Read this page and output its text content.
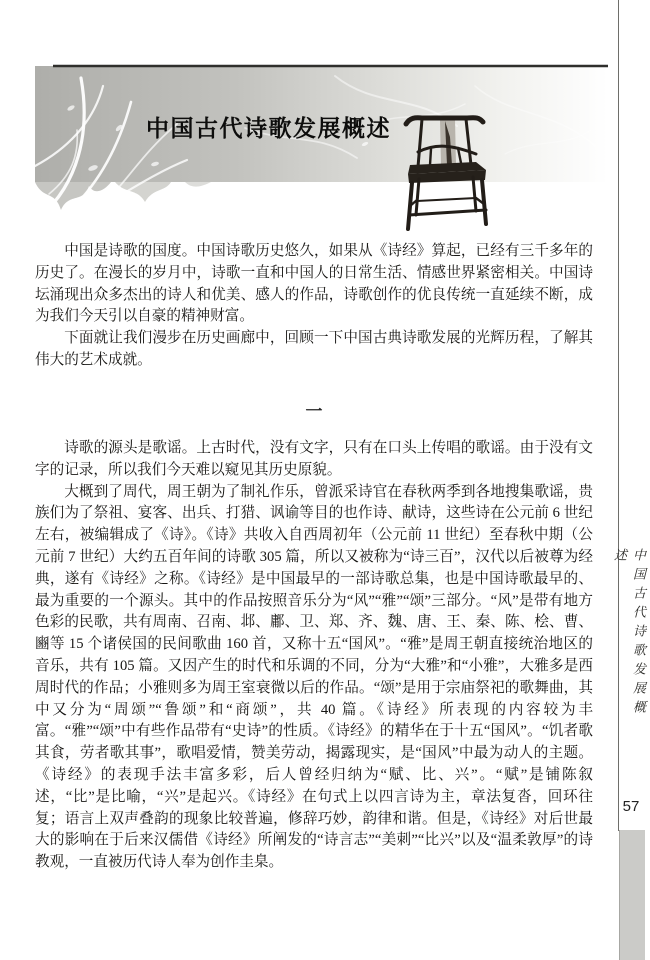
中国古代诗歌发展概述

中国是诗歌的国度。中国诗歌历史悠久，如果从《诗经》算起，已经有三千多年的历史了。在漫长的岁月中，诗歌一直和中国人的日常生活、情感世界紧密相关。中国诗坛涌现出众多杰出的诗人和优美、感人的作品，诗歌创作的优良传统一直延续不断，成为我们今天引以自豪的精神财富。

下面就让我们漫步在历史画廊中，回顾一下中国古典诗歌发展的光辉历程，了解其伟大的艺术成就。

一

诗歌的源头是歌谣。上古时代，没有文字，只有在口头上传唱的歌谣。由于没有文字的记录，所以我们今天难以窥见其历史原貌。

大概到了周代，周王朝为了制礼作乐，曾派采诗官在春秋两季到各地搜集歌谣，贵族们为了祭祖、宴客、出兵、打猎、讽谕等目的也作诗、献诗，这些诗在公元前 6 世纪左右，被编辑成了《诗》。《诗》共收入自西周初年（公元前 11 世纪）至春秋中期（公元前 7 世纪）大约五百年间的诗歌 305 篇，所以又被称为“诗三百”，汉代以后被尊为经典，遂有《诗经》之称。《诗经》是中国最早的一部诗歌总集，也是中国诗歌最早的、最为重要的一个源头。其中的作品按照音乐分为“风”“雅”“颂”三部分。“风”是带有地方色彩的民歌，共有周南、召南、邶、鄘、卫、郑、齐、魏、唐、王、秦、陈、桧、曹、豳等 15 个诸侯国的民间歌曲 160 首，又称十五“国风”。“雅”是周王朝直接统治地区的音乐，共有 105 篇。又因产生的时代和乐调的不同，分为“大雅”和“小雅”，大雅多是西周时代的作品；小雅则多为周王室衰微以后的作品。“颂”是用于宗庙祭祀的歌舞曲，其中又分为“周颂”“鲁颂”和“商颂”，共 40 篇。《诗经》所表现的内容较为丰富。“雅”“颂”中有些作品带有“史诗”的性质。《诗经》的精华在于十五“国风”。“饥者歌其食，劳者歌其事”，歌唱爱情，赞美劳动，揭露现实，是“国风”中最为动人的主题。《诗经》的表现手法丰富多彩，后人曾经归纳为“赋、比、兴”。“赋”是铺陈叙述，“比”是比喻，“兴”是起兴。《诗经》在句式上以四言诗为主，章法复沓，回环往复；语言上双声叠韵的现象比较普遍，修辞巧妙，韵律和谐。但是，《诗经》对后世最大的影响在于后来汉儒借《诗经》所阐发的“诗言志”“美刺”“比兴”以及“温柔敦厚”的诗教观，一直被历代诗人奉为创作圭臬。

中国古代诗歌发展概述
57
